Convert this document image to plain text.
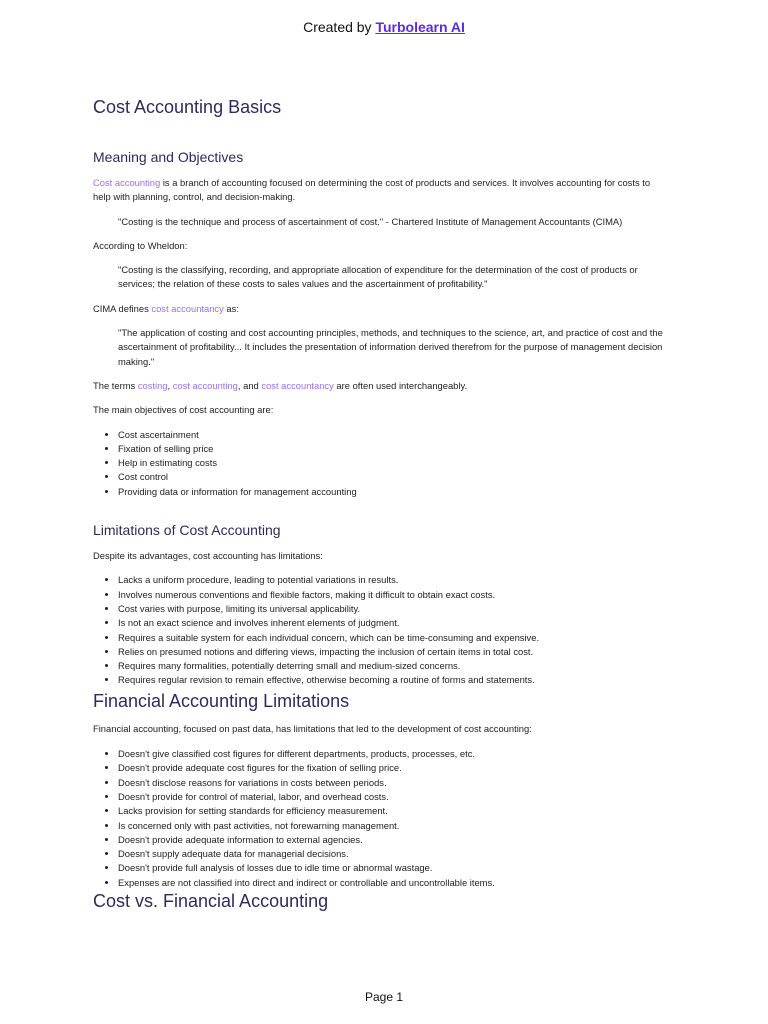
Created by Turbolearn AI
Cost Accounting Basics
Meaning and Objectives

Cost accounting is a branch of accounting focused on determining the cost of products and services. It involves accounting for costs to help with planning, control, and decision-making.

"Costing is the technique and process of ascertainment of cost." - Chartered Institute of Management Accountants (CIMA)

According to Wheldon:

"Costing is the classifying, recording, and appropriate allocation of expenditure for the determination of the cost of products or services; the relation of these costs to sales values and the ascertainment of profitability."

CIMA defines cost accountancy as:

"The application of costing and cost accounting principles, methods, and techniques to the science, art, and practice of cost and the ascertainment of profitability... It includes the presentation of information derived therefrom for the purpose of management decision making."

The terms costing, cost accounting, and cost accountancy are often used interchangeably.

The main objectives of cost accounting are:

• Cost ascertainment
• Fixation of selling price
• Help in estimating costs
• Cost control
• Providing data or information for management accounting
Limitations of Cost Accounting

Despite its advantages, cost accounting has limitations:

• Lacks a uniform procedure, leading to potential variations in results.
• Involves numerous conventions and flexible factors, making it difficult to obtain exact costs.
• Cost varies with purpose, limiting its universal applicability.
• Is not an exact science and involves inherent elements of judgment.
• Requires a suitable system for each individual concern, which can be time-consuming and expensive.
• Relies on presumed notions and differing views, impacting the inclusion of certain items in total cost.
• Requires many formalities, potentially deterring small and medium-sized concerns.
• Requires regular revision to remain effective, otherwise becoming a routine of forms and statements.
Financial Accounting Limitations

Financial accounting, focused on past data, has limitations that led to the development of cost accounting:

• Doesn't give classified cost figures for different departments, products, processes, etc.
• Doesn't provide adequate cost figures for the fixation of selling price.
• Doesn't disclose reasons for variations in costs between periods.
• Doesn't provide for control of material, labor, and overhead costs.
• Lacks provision for setting standards for efficiency measurement.
• Is concerned only with past activities, not forewarning management.
• Doesn't provide adequate information to external agencies.
• Doesn't supply adequate data for managerial decisions.
• Doesn't provide full analysis of losses due to idle time or abnormal wastage.
• Expenses are not classified into direct and indirect or controllable and uncontrollable items.
Cost vs. Financial Accounting
Page 1
